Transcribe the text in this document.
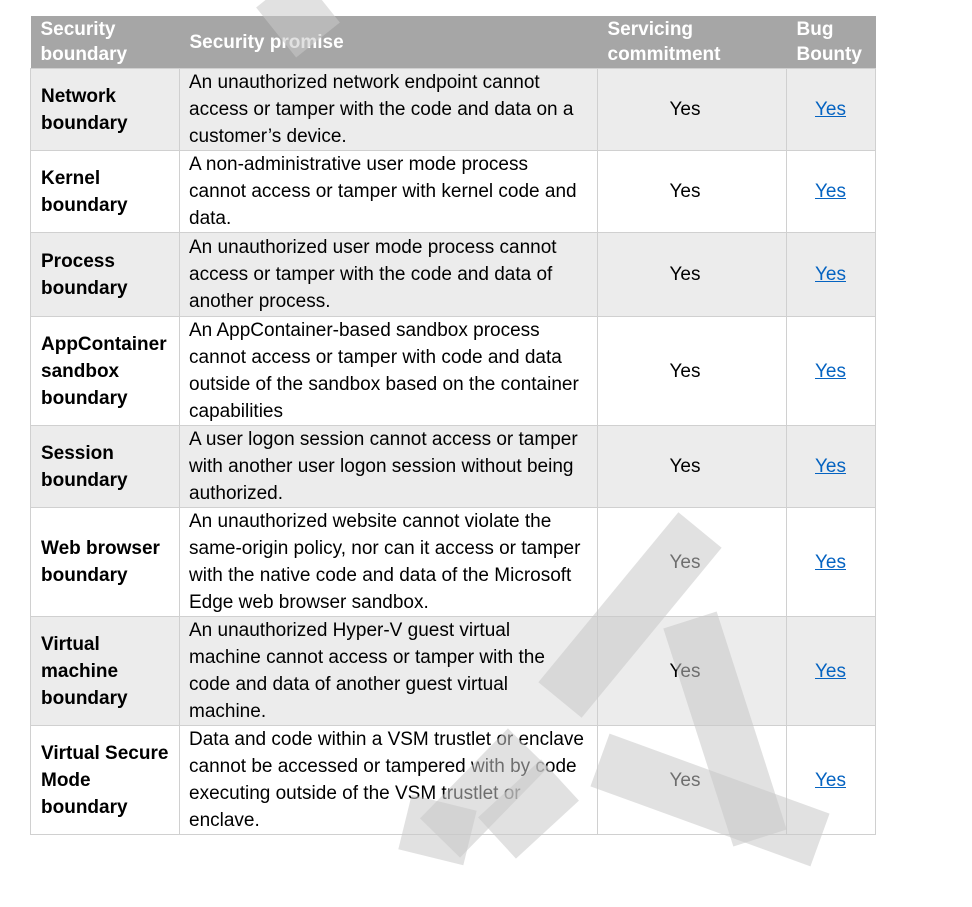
Security boundary	Security promise	Servicing commitment	Bug Bounty
Network boundary	An unauthorized network endpoint cannot access or tamper with the code and data on a customer’s device.	Yes	Yes
Kernel boundary	A non-administrative user mode process cannot access or tamper with kernel code and data.	Yes	Yes
Process boundary	An unauthorized user mode process cannot access or tamper with the code and data of another process.	Yes	Yes
AppContainer sandbox boundary	An AppContainer-based sandbox process cannot access or tamper with code and data outside of the sandbox based on the container capabilities	Yes	Yes
Session boundary	A user logon session cannot access or tamper with another user logon session without being authorized.	Yes	Yes
Web browser boundary	An unauthorized website cannot violate the same-origin policy, nor can it access or tamper with the native code and data of the Microsoft Edge web browser sandbox.	Yes	Yes
Virtual machine boundary	An unauthorized Hyper-V guest virtual machine cannot access or tamper with the code and data of another guest virtual machine.	Yes	Yes
Virtual Secure Mode boundary	Data and code within a VSM trustlet or enclave cannot be accessed or tampered with by code executing outside of the VSM trustlet or enclave.	Yes	Yes
